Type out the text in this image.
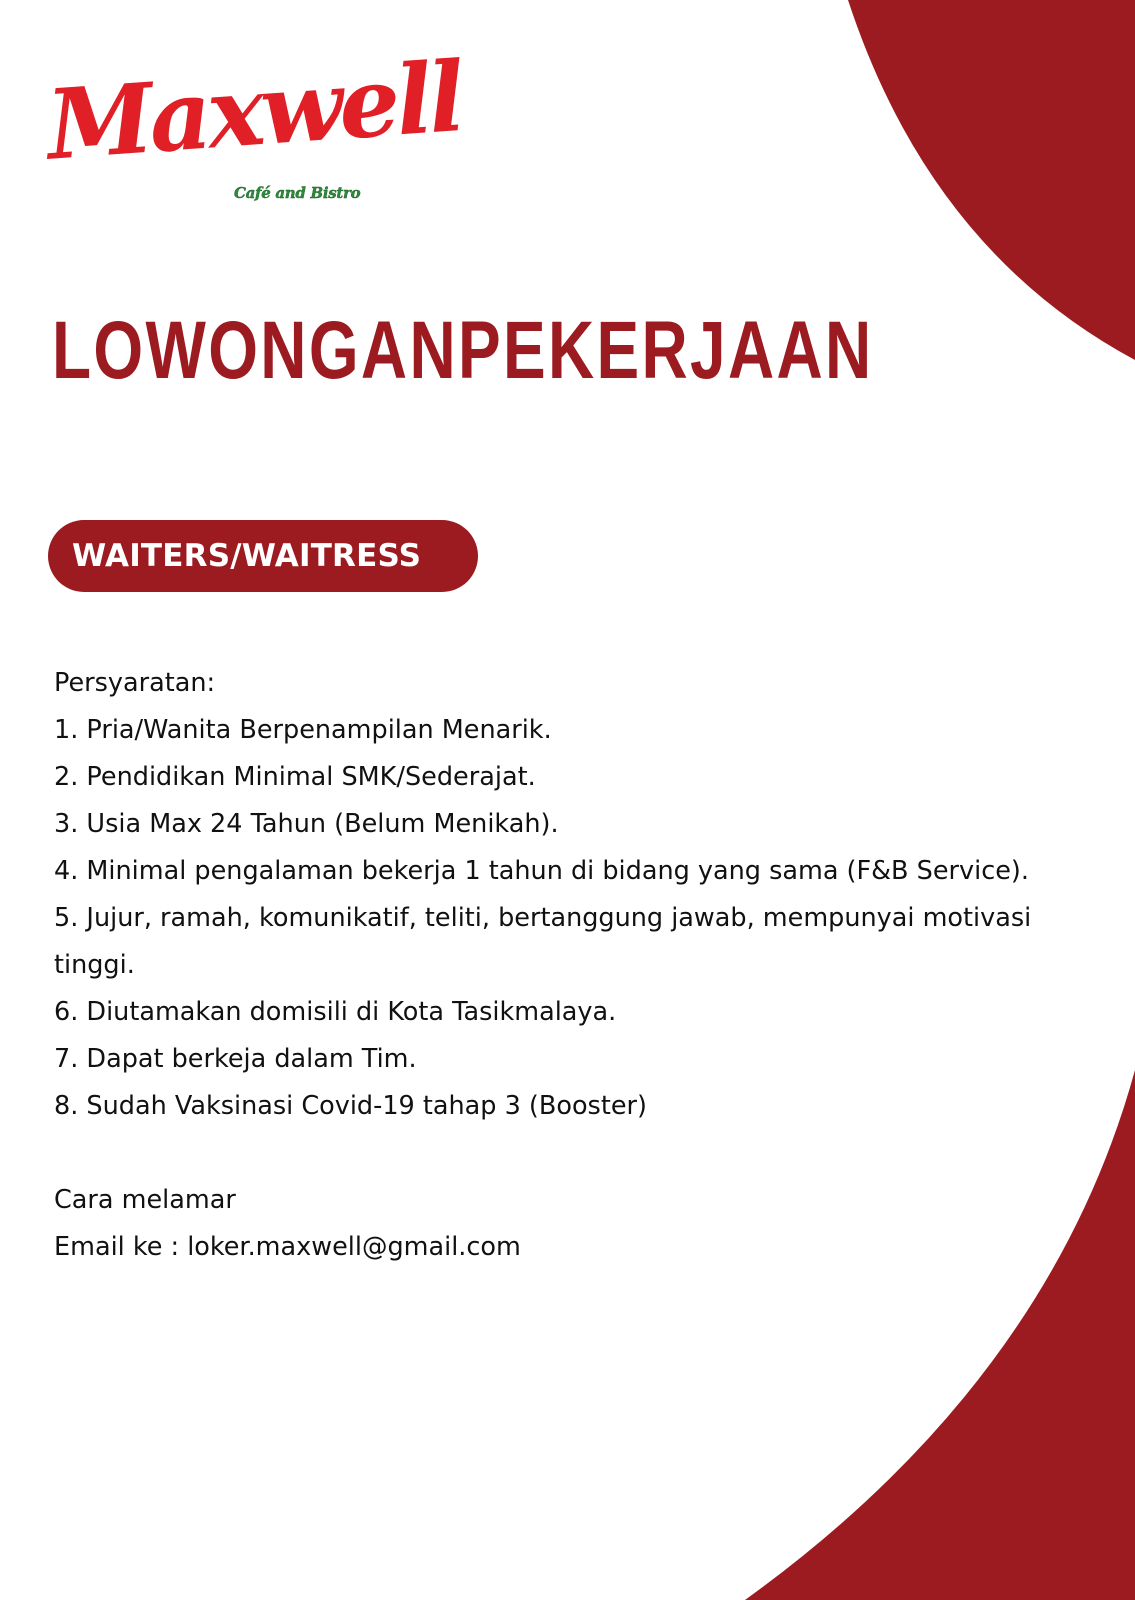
Maxwell
Café and Bistro
LOWONGANPEKERJAAN
WAITERS/WAITRESS

Persyaratan:

1. Pria/Wanita Berpenampilan Menarik.

2. Pendidikan Minimal SMK/Sederajat.

3. Usia Max 24 Tahun (Belum Menikah).

4. Minimal pengalaman bekerja 1 tahun di bidang yang sama (F&B Service).

5. Jujur, ramah, komunikatif, teliti, bertanggung jawab, mempunyai motivasi tinggi.

6. Diutamakan domisili di Kota Tasikmalaya.

7. Dapat berkeja dalam Tim.

8. Sudah Vaksinasi Covid-19 tahap 3 (Booster)

Cara melamar

Email ke : loker.maxwell@gmail.com
